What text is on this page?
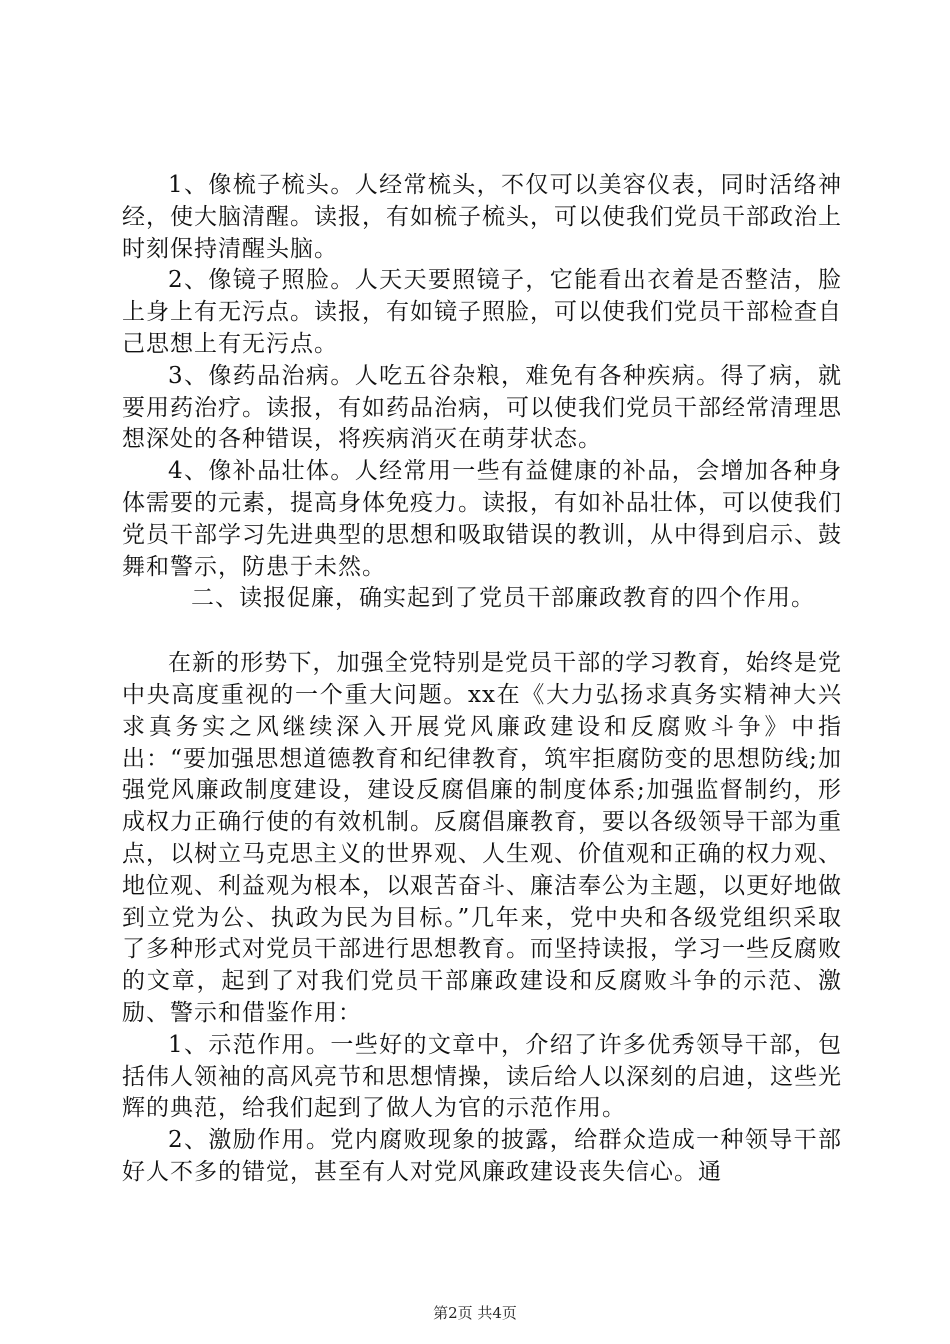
1、像梳子梳头。人经常梳头，不仅可以美容仪表，同时活络神经，使大脑清醒。读报，有如梳子梳头，可以使我们党员干部政治上时刻保持清醒头脑。

2、像镜子照脸。人天天要照镜子，它能看出衣着是否整洁，脸上身上有无污点。读报，有如镜子照脸，可以使我们党员干部检查自己思想上有无污点。

3、像药品治病。人吃五谷杂粮，难免有各种疾病。得了病，就要用药治疗。读报，有如药品治病，可以使我们党员干部经常清理思想深处的各种错误，将疾病消灭在萌芽状态。

4、像补品壮体。人经常用一些有益健康的补品，会增加各种身体需要的元素，提高身体免疫力。读报，有如补品壮体，可以使我们党员干部学习先进典型的思想和吸取错误的教训，从中得到启示、鼓舞和警示，防患于未然。

二、读报促廉，确实起到了党员干部廉政教育的四个作用。

在新的形势下，加强全党特别是党员干部的学习教育，始终是党中央高度重视的一个重大问题。xx在《大力弘扬求真务实精神大兴求真务实之风继续深入开展党风廉政建设和反腐败斗争》中指出：“要加强思想道德教育和纪律教育，筑牢拒腐防变的思想防线;加强党风廉政制度建设，建设反腐倡廉的制度体系;加强监督制约，形成权力正确行使的有效机制。反腐倡廉教育，要以各级领导干部为重点，以树立马克思主义的世界观、人生观、价值观和正确的权力观、地位观、利益观为根本，以艰苦奋斗、廉洁奉公为主题，以更好地做到立党为公、执政为民为目标。”几年来，党中央和各级党组织采取了多种形式对党员干部进行思想教育。而坚持读报，学习一些反腐败的文章，起到了对我们党员干部廉政建设和反腐败斗争的示范、激励、警示和借鉴作用：

1、示范作用。一些好的文章中，介绍了许多优秀领导干部，包括伟人领袖的高风亮节和思想情操，读后给人以深刻的启迪，这些光辉的典范，给我们起到了做人为官的示范作用。

2、激励作用。党内腐败现象的披露，给群众造成一种领导干部好人不多的错觉，甚至有人对党风廉政建设丧失信心。通

第2页 共4页
